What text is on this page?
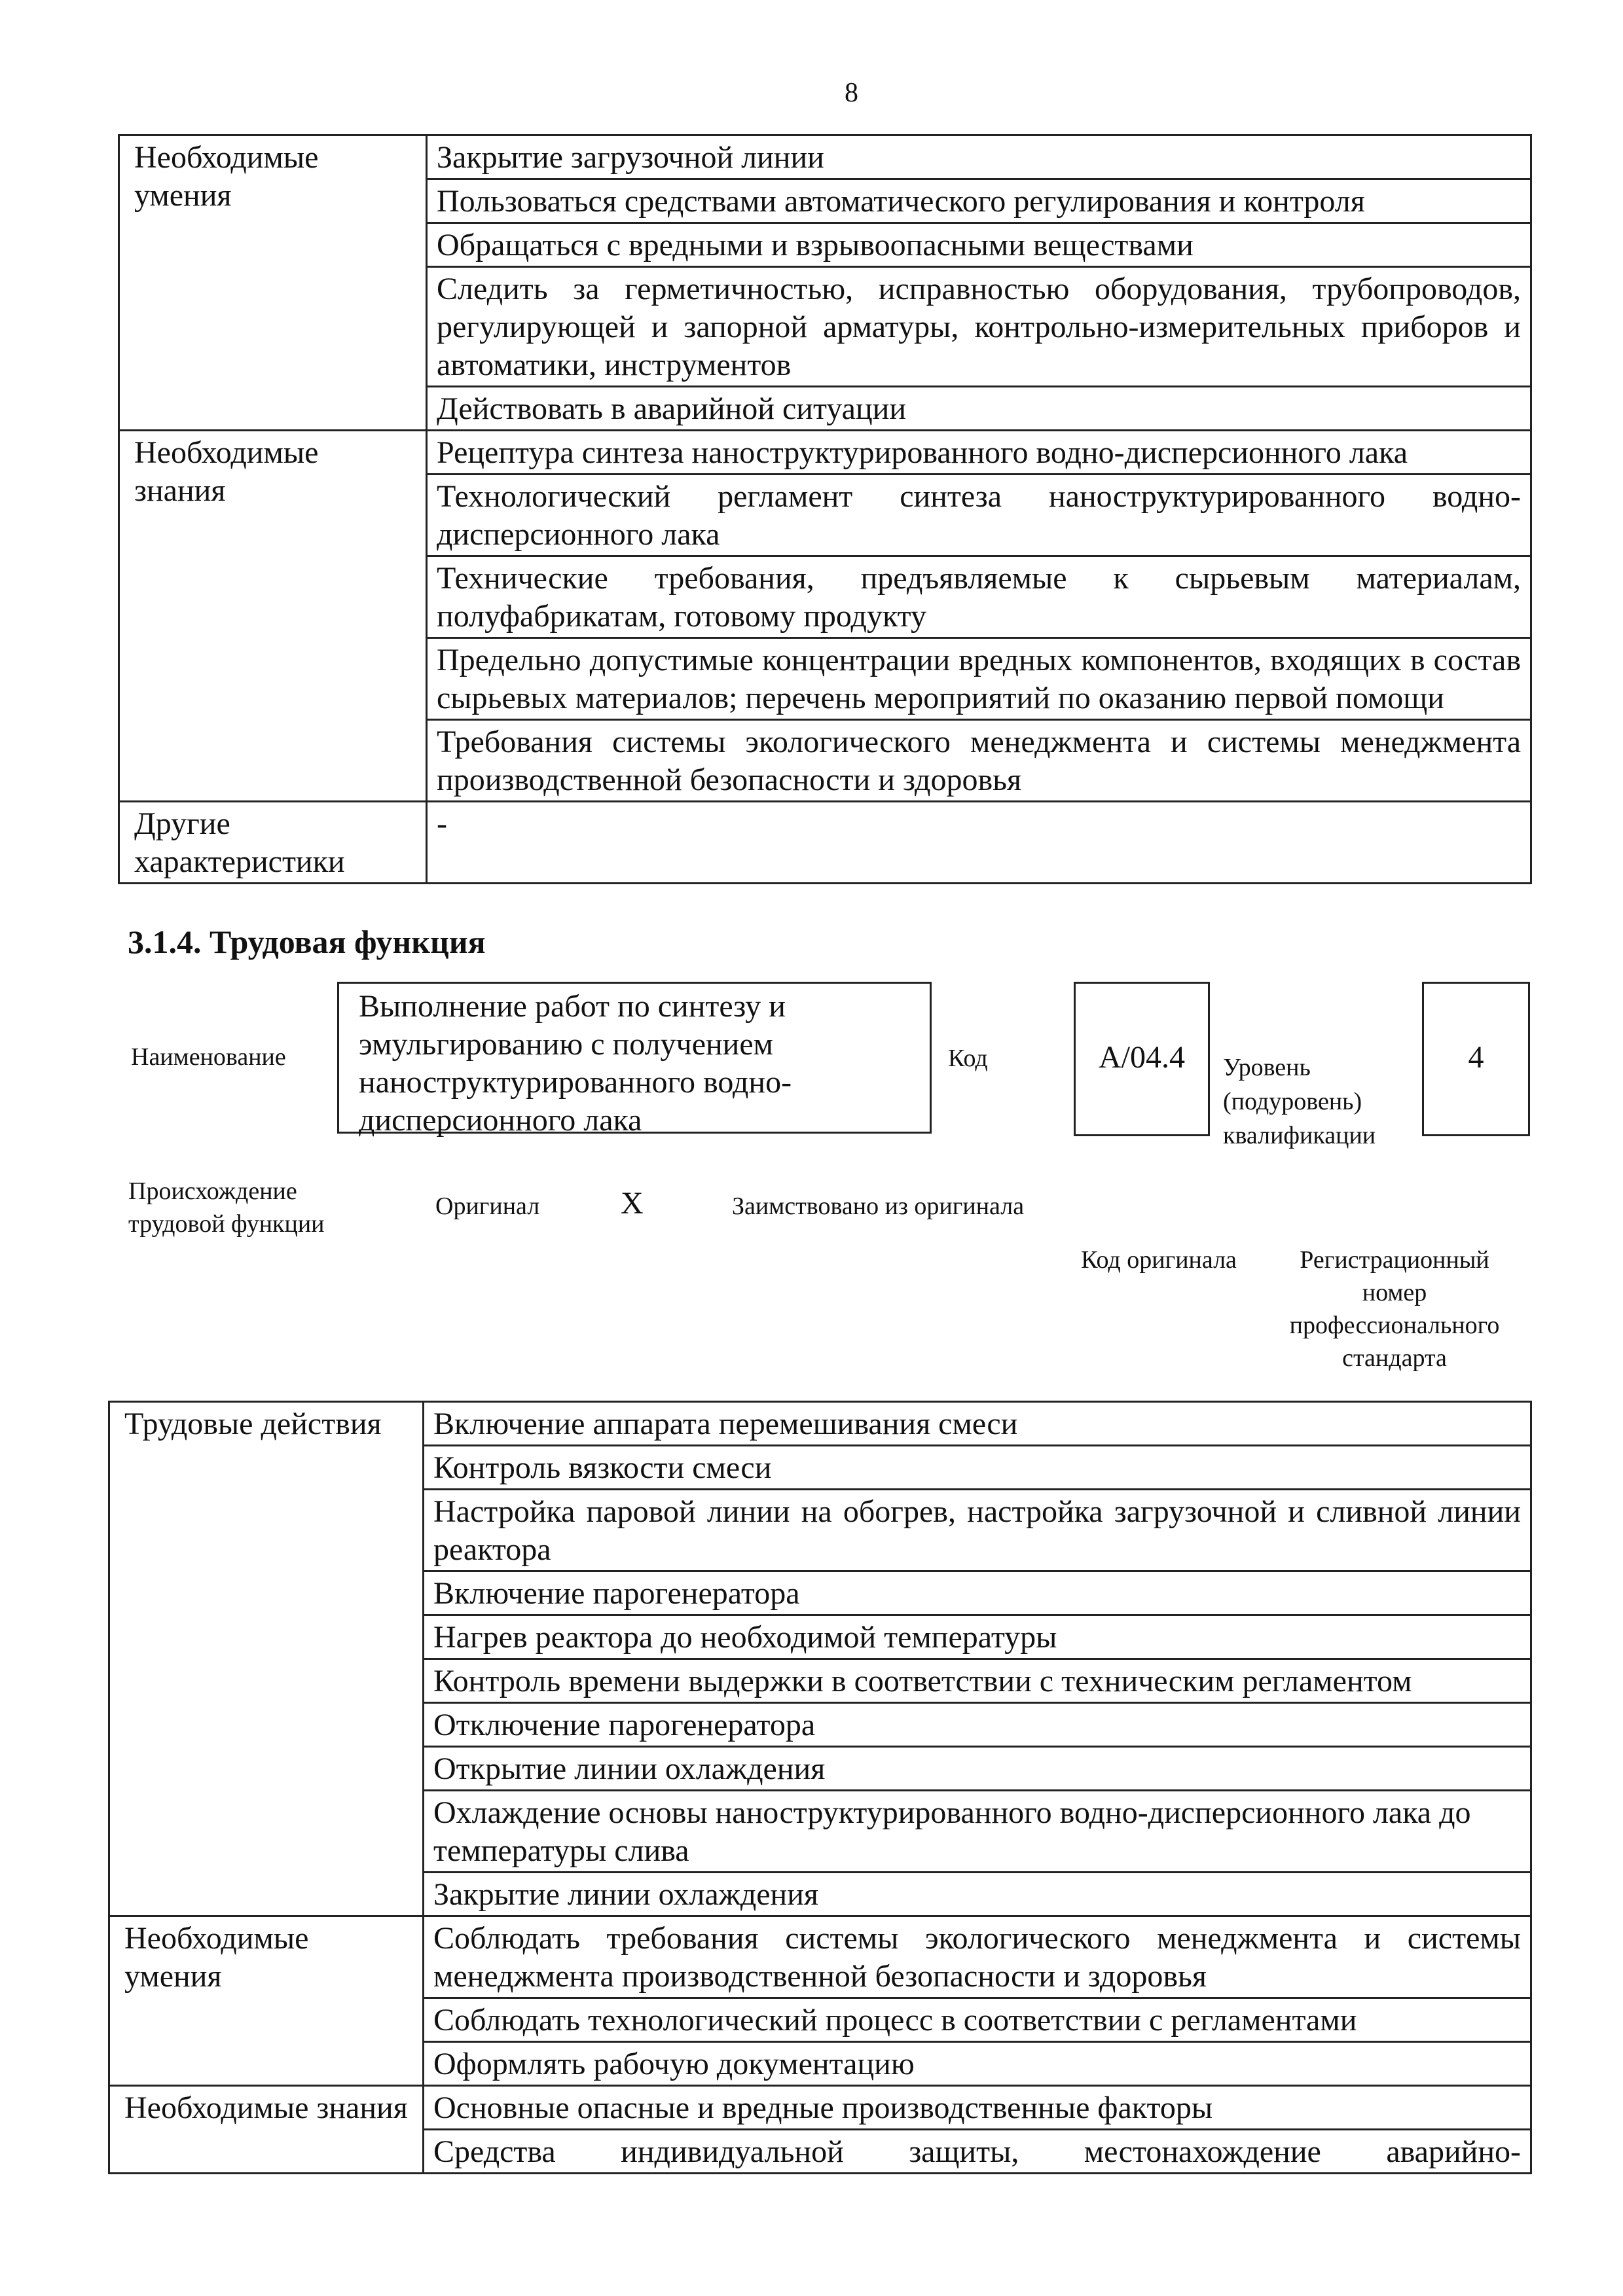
8
Необходимые умения	Закрытие загрузочной линии
	Пользоваться средствами автоматического регулирования и контроля
	Обращаться с вредными и взрывоопасными веществами
	Следить за герметичностью, исправностью оборудования, трубопроводов, регулирующей и запорной арматуры, контрольно-измерительных приборов и автоматики, инструментов
	Действовать в аварийной ситуации
Необходимые знания	Рецептура синтеза наноструктурированного водно-дисперсионного лака
	Технологический регламент синтеза наноструктурированного водно-дисперсионного лака
	Технические требования, предъявляемые к сырьевым материалам, полуфабрикатам, готовому продукту
	Предельно допустимые концентрации вредных компонентов, входящих в состав сырьевых материалов; перечень мероприятий по оказанию первой помощи
	Требования системы экологического менеджмента и системы менеджмента производственной безопасности и здоровья
Другие характеристики	-
3.1.4. Трудовая функция
Наименование
Выполнение работ по синтезу и эмульгированию с получением наноструктурированного водно-дисперсионного лака
Код	A/04.4	Уровень (подуровень) квалификации
4
Происхождение трудовой функции
Оригинал	X	Заимствовано из оригинала
Код оригинала	Регистрационный номер профессионального стандарта
Трудовые действия	Включение аппарата перемешивания смеси
	Контроль вязкости смеси
	Настройка паровой линии на обогрев, настройка загрузочной и сливной линии реактора
	Включение парогенератора
	Нагрев реактора до необходимой температуры
	Контроль времени выдержки в соответствии с техническим регламентом
	Отключение парогенератора
	Открытие линии охлаждения
	Охлаждение основы наноструктурированного водно-дисперсионного лака до температуры слива
	Закрытие линии охлаждения
Необходимые умения	Соблюдать требования системы экологического менеджмента и системы менеджмента производственной безопасности и здоровья
	Соблюдать технологический процесс в соответствии с регламентами
	Оформлять рабочую документацию
Необходимые знания	Основные опасные и вредные производственные факторы
	Средства индивидуальной защиты, местонахождение аварийно-
